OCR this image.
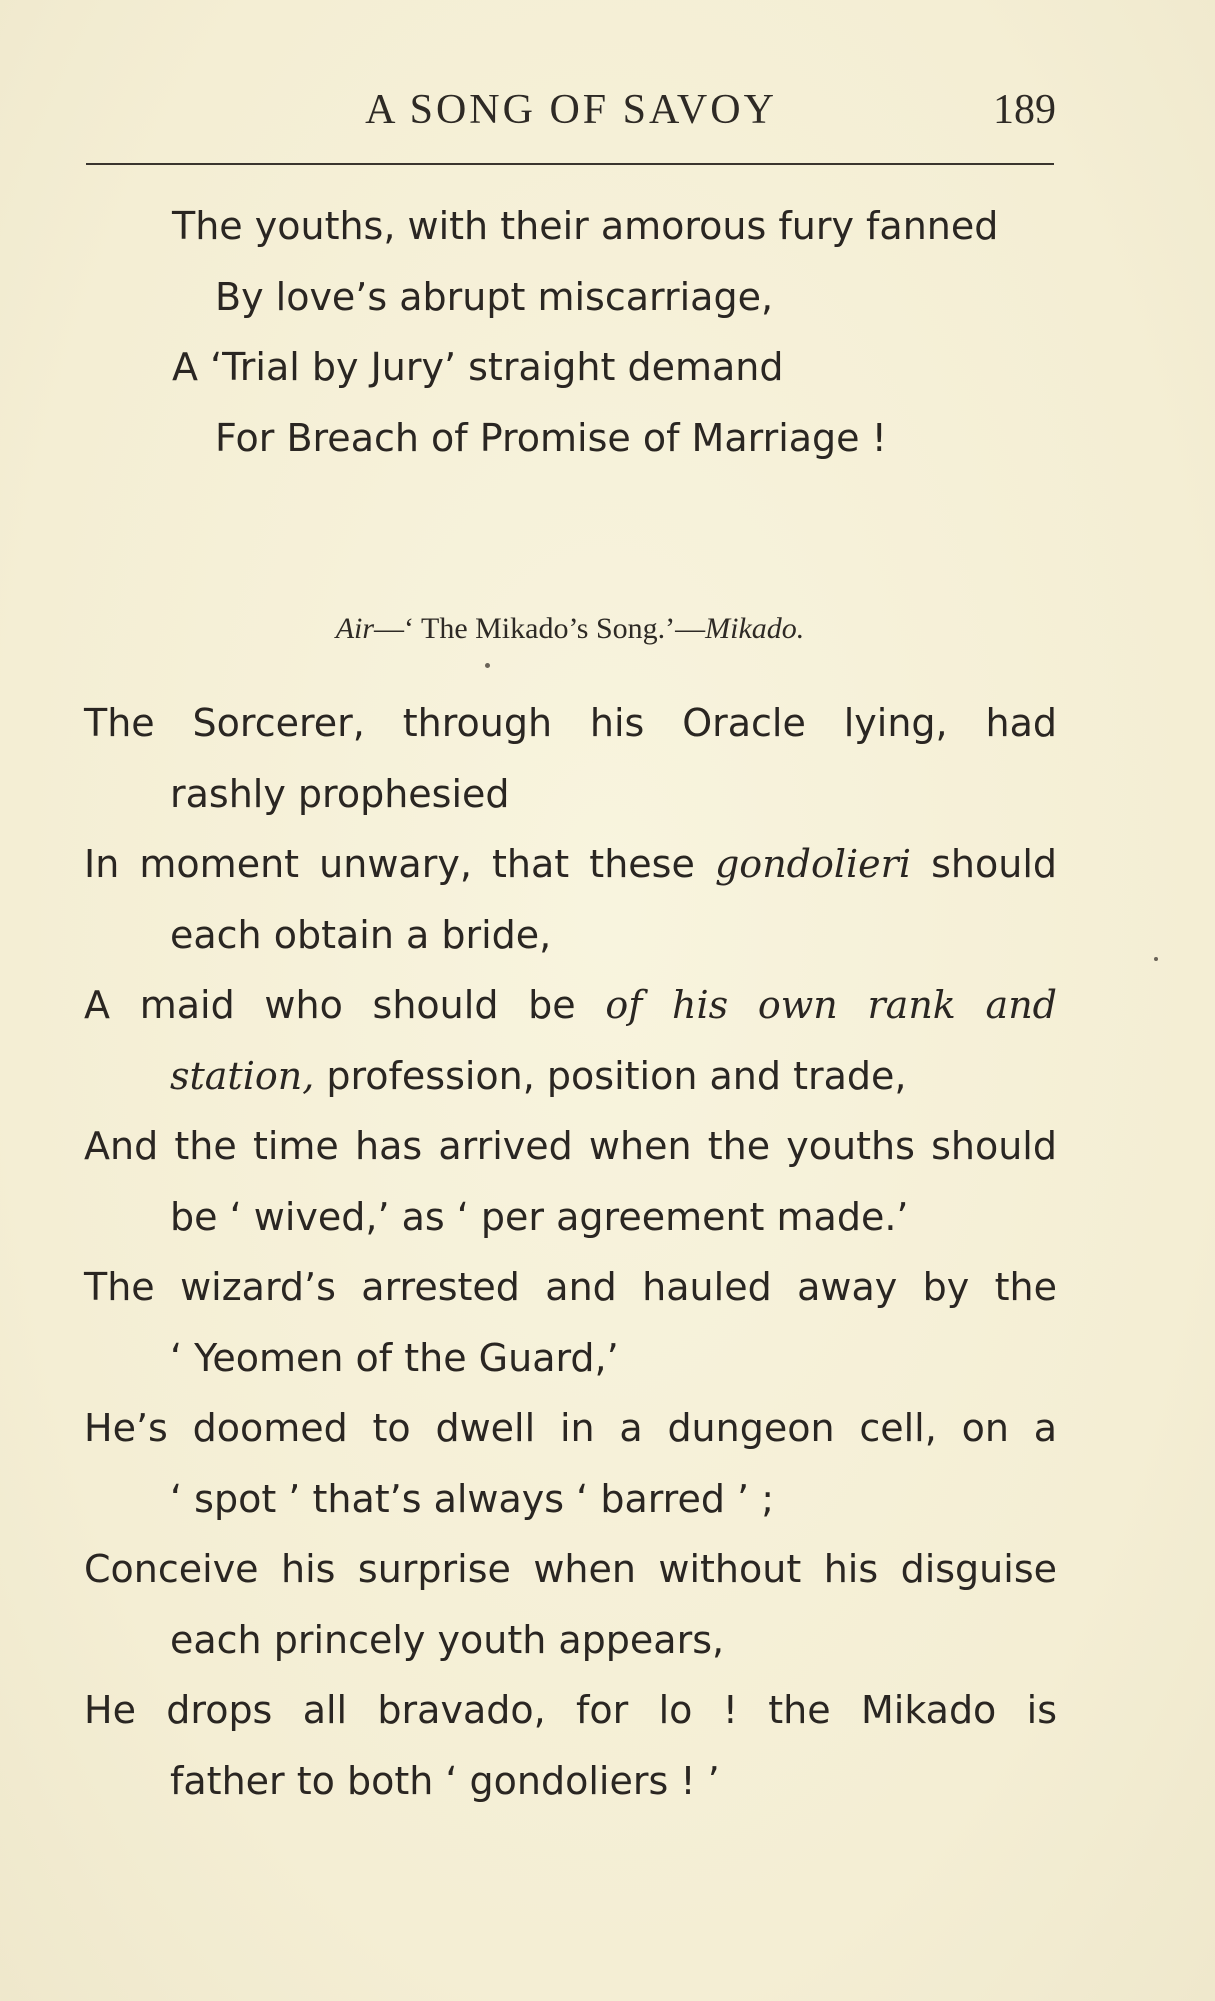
A SONG OF SAVOY	189
The youths, with their amorous fury fanned
By love’s abrupt miscarriage,
A ‘Trial by Jury’ straight demand
For Breach of Promise of Marriage !
Air—‘ The Mikado’s Song.’—Mikado.
The Sorcerer, through his Oracle lying, had
rashly prophesied
In moment unwary, that these gondolieri should
each obtain a bride,
A maid who should be of his own rank and
station, profession, position and trade,
And the time has arrived when the youths should
be ‘ wived,’ as ‘ per agreement made.’
The wizard’s arrested and hauled away by the
‘ Yeomen of the Guard,’
He’s doomed to dwell in a dungeon cell, on a
‘ spot ’ that’s always ‘ barred ’ ;
Conceive his surprise when without his disguise
each princely youth appears,
He drops all bravado, for lo ! the Mikado is
father to both ‘ gondoliers ! ’
